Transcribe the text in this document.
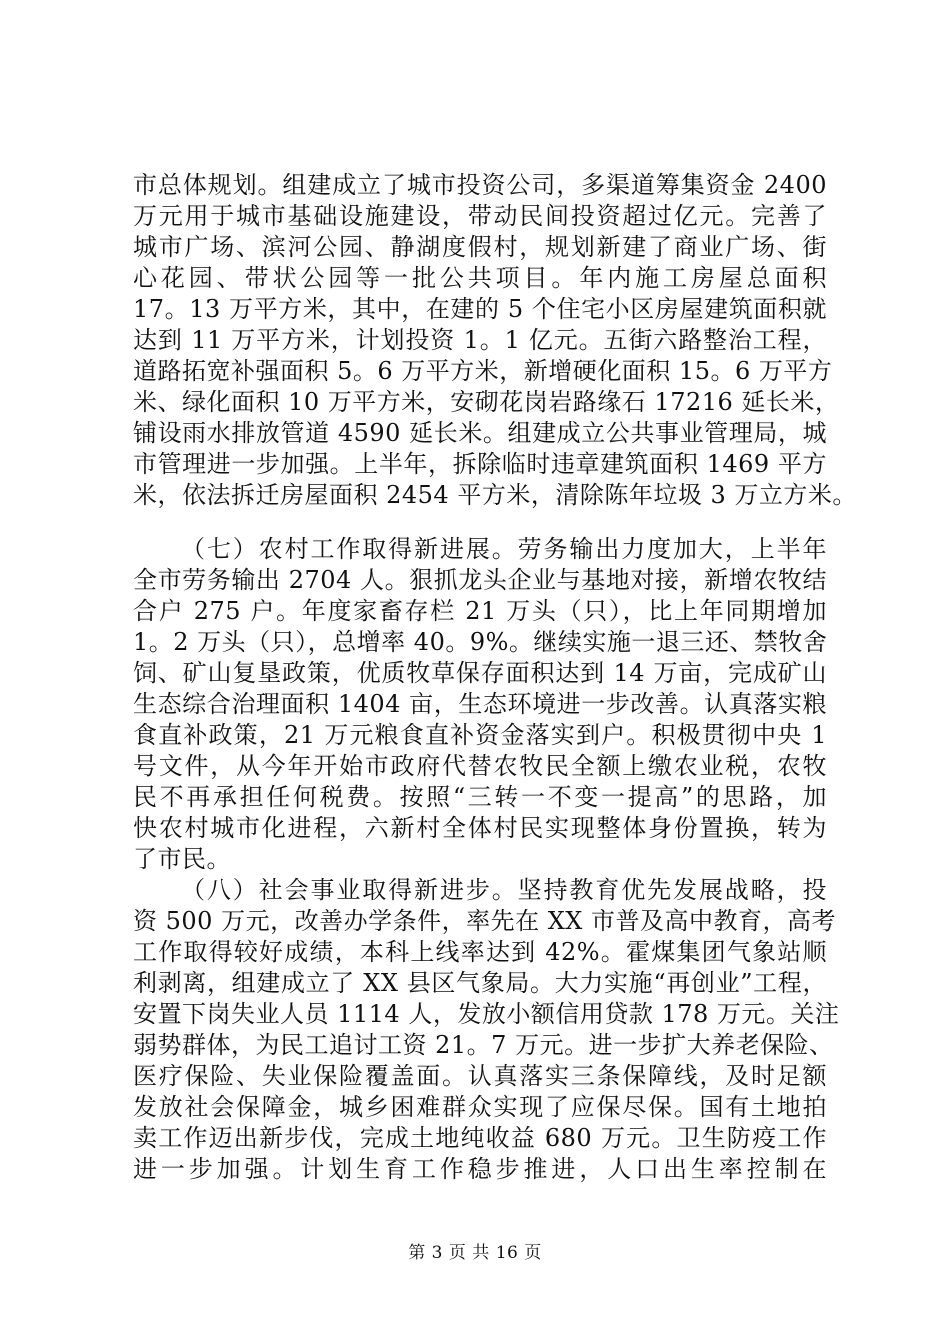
市总体规划。组建成立了城市投资公司，多渠道筹集资金 2400
万元用于城市基础设施建设，带动民间投资超过亿元。完善了
城市广场、滨河公园、静湖度假村，规划新建了商业广场、街
心花园、带状公园等一批公共项目。年内施工房屋总面积
17。13 万平方米，其中，在建的 5 个住宅小区房屋建筑面积就
达到 11 万平方米，计划投资 1。1 亿元。五街六路整治工程，
道路拓宽补强面积 5。6 万平方米，新增硬化面积 15。6 万平方
米、绿化面积 10 万平方米，安砌花岗岩路缘石 17216 延长米，
铺设雨水排放管道 4590 延长米。组建成立公共事业管理局，城
市管理进一步加强。上半年，拆除临时违章建筑面积 1469 平方
米，依法拆迁房屋面积 2454 平方米，清除陈年垃圾 3 万立方米。
（七）农村工作取得新进展。劳务输出力度加大，上半年
全市劳务输出 2704 人。狠抓龙头企业与基地对接，新增农牧结
合户 275 户。年度家畜存栏 21 万头（只），比上年同期增加
1。2 万头（只），总增率 40。9%。继续实施一退三还、禁牧舍
饲、矿山复垦政策，优质牧草保存面积达到 14 万亩，完成矿山
生态综合治理面积 1404 亩，生态环境进一步改善。认真落实粮
食直补政策，21 万元粮食直补资金落实到户。积极贯彻中央 1
号文件，从今年开始市政府代替农牧民全额上缴农业税，农牧
民不再承担任何税费。按照“三转一不变一提高”的思路，加
快农村城市化进程，六新村全体村民实现整体身份置换，转为
了市民。
（八）社会事业取得新进步。坚持教育优先发展战略，投
资 500 万元，改善办学条件，率先在 XX 市普及高中教育，高考
工作取得较好成绩，本科上线率达到 42%。霍煤集团气象站顺
利剥离，组建成立了 XX 县区气象局。大力实施“再创业”工程，
安置下岗失业人员 1114 人，发放小额信用贷款 178 万元。关注
弱势群体，为民工追讨工资 21。7 万元。进一步扩大养老保险、
医疗保险、失业保险覆盖面。认真落实三条保障线，及时足额
发放社会保障金，城乡困难群众实现了应保尽保。国有土地拍
卖工作迈出新步伐，完成土地纯收益 680 万元。卫生防疫工作
进一步加强。计划生育工作稳步推进，人口出生率控制在
第 3 页 共 16 页
